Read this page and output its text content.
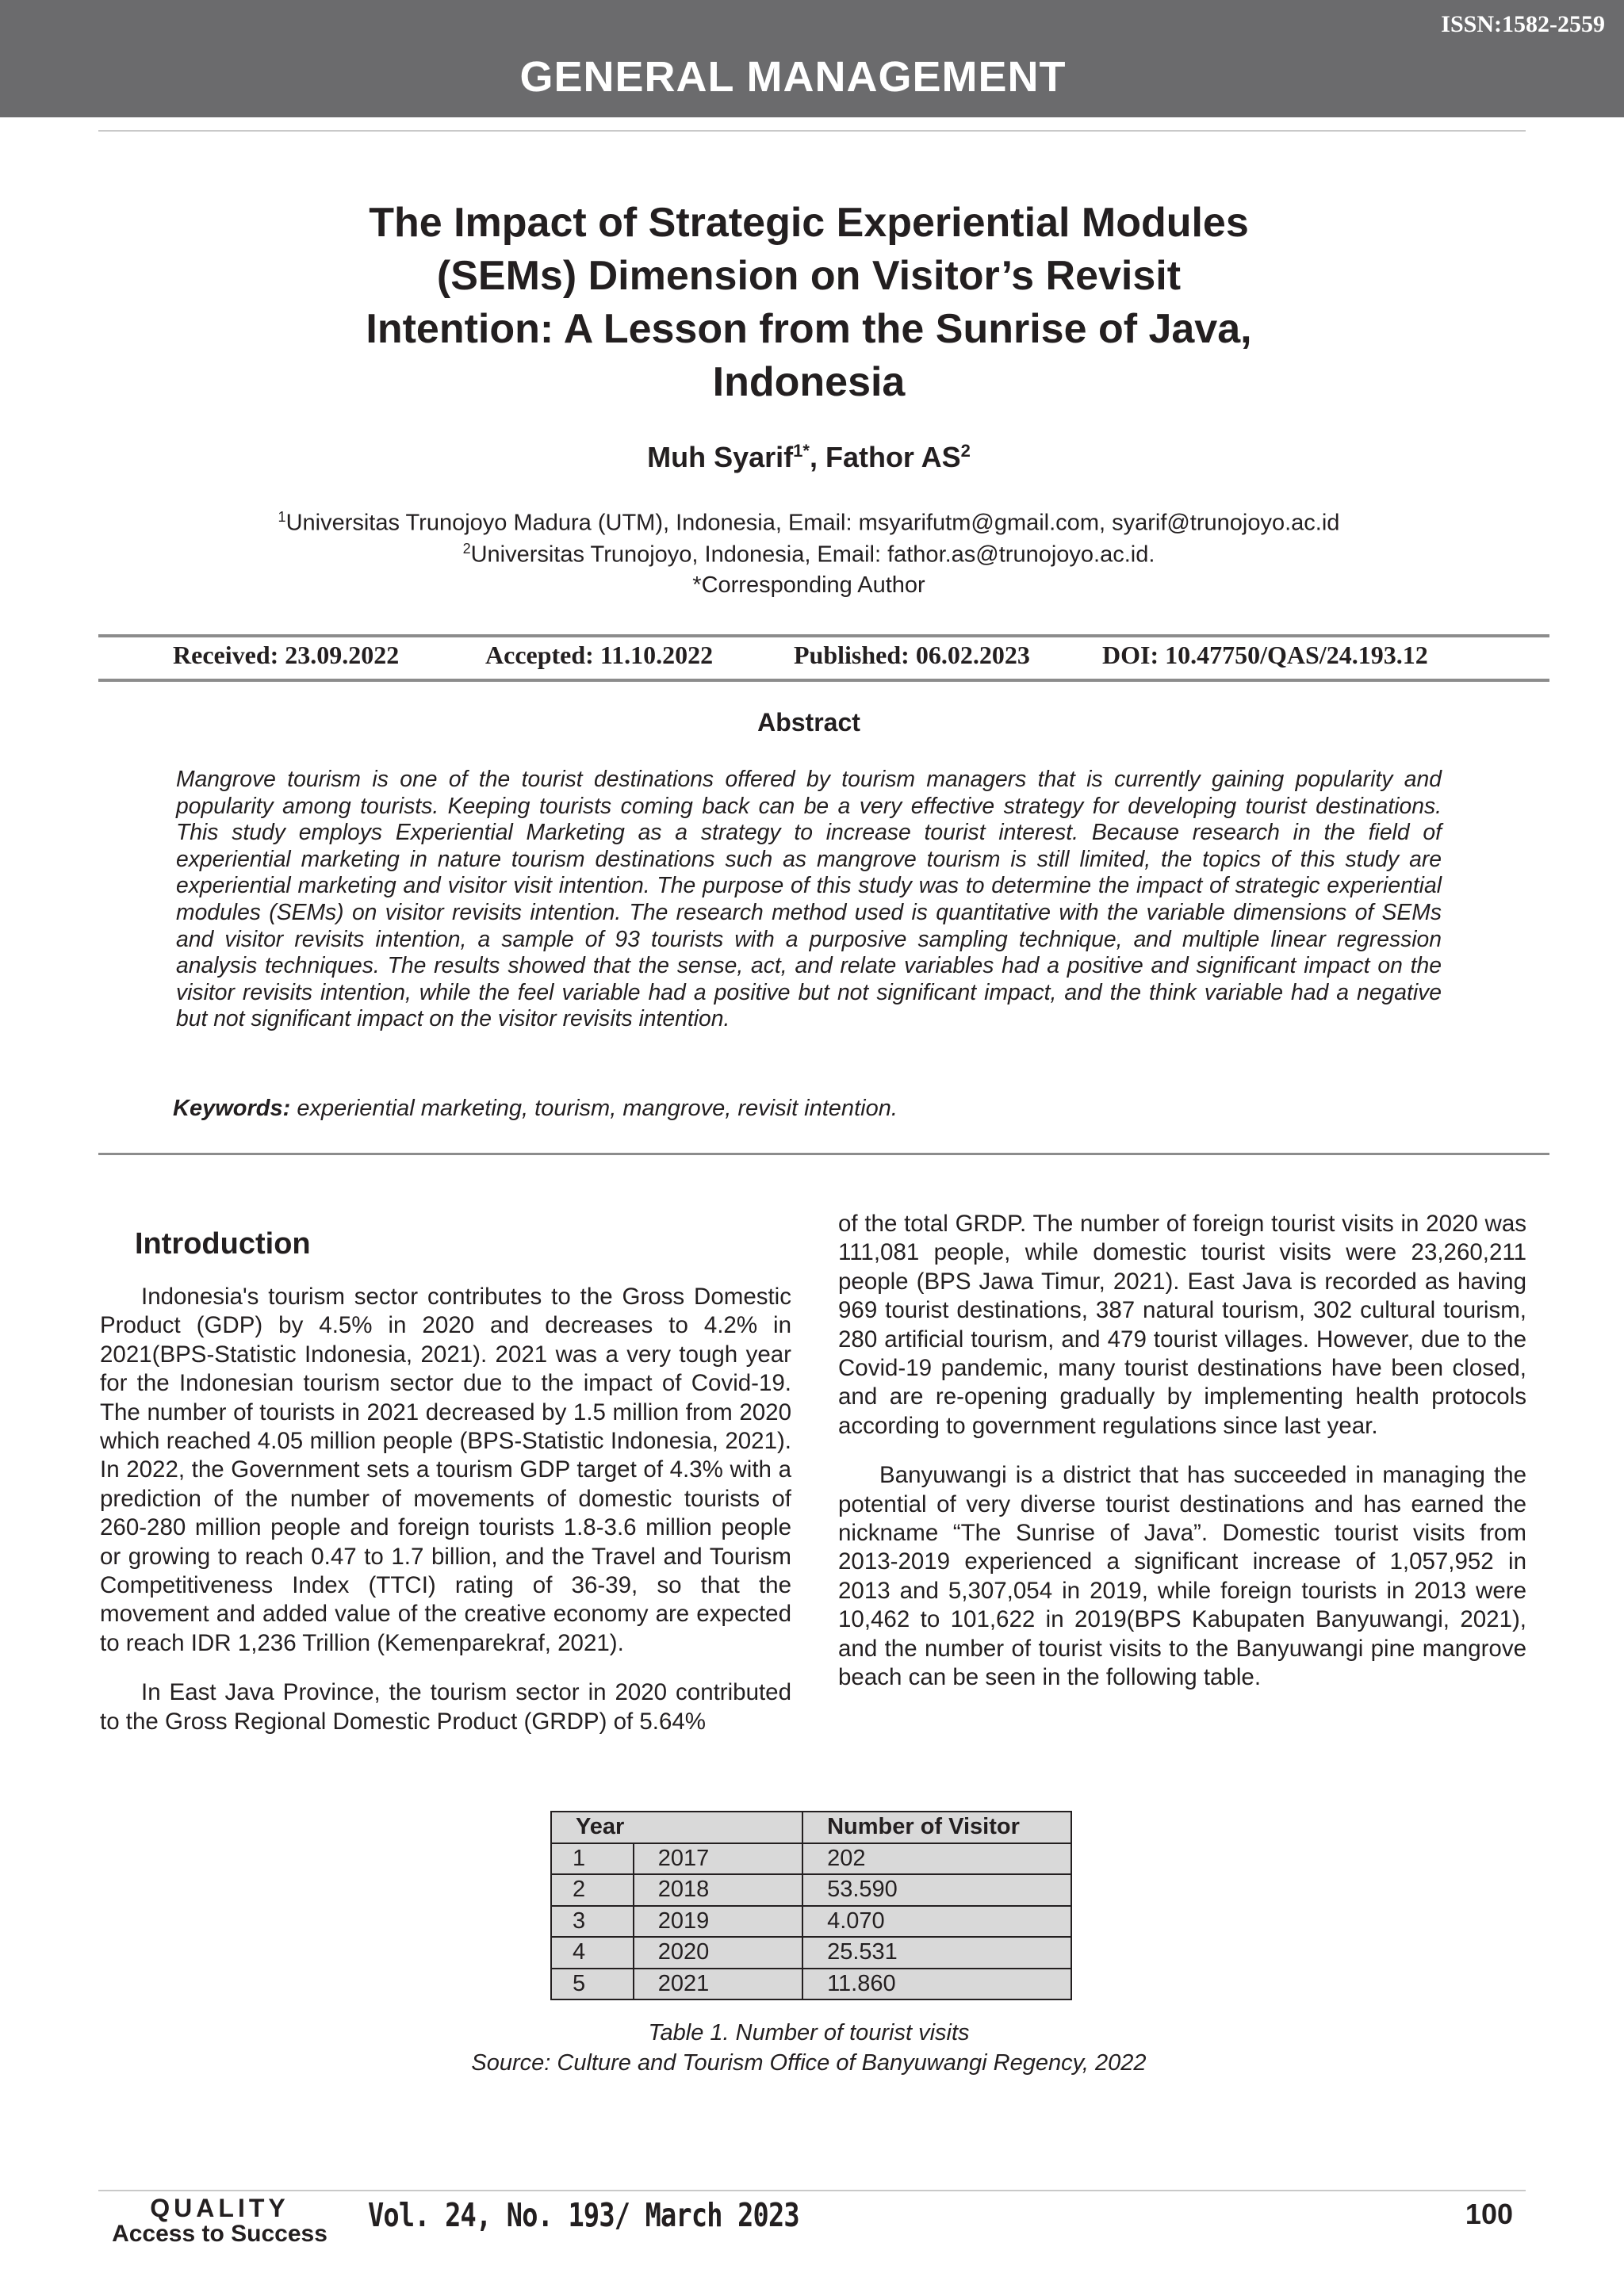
ISSN:1582-2559
GENERAL MANAGEMENT
The Impact of Strategic Experiential Modules (SEMs) Dimension on Visitor’s Revisit Intention: A Lesson from the Sunrise of Java, Indonesia
Muh Syarif$^{1*}$, Fathor $AS^2$
$^1$Universitas Trunojoyo Madura (UTM), Indonesia, Email: msyarifutm@gmail.com, syarif@trunojoyo.ac.id
$^2$Universitas Trunojoyo, Indonesia, Email: fathor.as@trunojoyo.ac.id.
*Corresponding Author
Received: 23.09.2022	Accepted: 11.10.2022	Published: 06.02.2023	DOI: 10.47750/QAS/24.193.12
Abstract

Mangrove tourism is one of the tourist destinations offered by tourism managers that is currently gaining popularity and popularity among tourists. Keeping tourists coming back can be a very effective strategy for developing tourist destinations. This study employs Experiential Marketing as a strategy to increase tourist interest. Because research in the field of experiential marketing in nature tourism destinations such as mangrove tourism is still limited, the topics of this study are experiential marketing and visitor visit intention. The purpose of this study was to determine the impact of strategic experiential modules (SEMs) on visitor revisits intention. The research method used is quantitative with the variable dimensions of SEMs and visitor revisits intention, a sample of 93 tourists with a purposive sampling technique, and multiple linear regression analysis techniques. The results showed that the sense, act, and relate variables had a positive and significant impact on the visitor revisits intention, while the feel variable had a positive but not significant impact, and the think variable had a negative but not significant impact on the visitor revisits intention.

Keywords: experiential marketing, tourism, mangrove, revisit intention.
Introduction

Indonesia's tourism sector contributes to the Gross Domestic Product (GDP) by 4.5% in 2020 and decreases to 4.2% in 2021(BPS-Statistic Indonesia, 2021). 2021 was a very tough year for the Indonesian tourism sector due to the impact of Covid-19. The number of tourists in 2021 decreased by 1.5 million from 2020 which reached 4.05 million people (BPS-Statistic Indonesia, 2021). In 2022, the Government sets a tourism GDP target of 4.3% with a prediction of the number of movements of domestic tourists of 260-280 million people and foreign tourists 1.8-3.6 million people or growing to reach 0.47 to 1.7 billion, and the Travel and Tourism Competitiveness Index (TTCI) rating of 36-39, so that the movement and added value of the creative economy are expected to reach IDR 1,236 Trillion (Kemenparekraf, 2021).

In East Java Province, the tourism sector in 2020 contributed to the Gross Regional Domestic Product (GRDP) of 5.64%

of the total GRDP. The number of foreign tourist visits in 2020 was 111,081 people, while domestic tourist visits were 23,260,211 people (BPS Jawa Timur, 2021). East Java is recorded as having 969 tourist destinations, 387 natural tourism, 302 cultural tourism, 280 artificial tourism, and 479 tourist villages. However, due to the Covid-19 pandemic, many tourist destinations have been closed, and are re-opening gradually by implementing health protocols according to government regulations since last year.

Banyuwangi is a district that has succeeded in managing the potential of very diverse tourist destinations and has earned the nickname “The Sunrise of Java”. Domestic tourist visits from 2013-2019 experienced a significant increase of 1,057,952 in 2013 and 5,307,054 in 2019, while foreign tourists in 2013 were 10,462 to 101,622 in 2019(BPS Kabupaten Banyuwangi, 2021), and the number of tourist visits to the Banyuwangi pine mangrove beach can be seen in the following table.

Year		Number of Visitor
1	2017	202
2	2018	53.590
3	2019	4.070
4	2020	25.531
5	2021	11.860
Table 1. Number of tourist visits
Source: Culture and Tourism Office of Banyuwangi Regency, 2022
QUALITY
Access to Success Vol. 24, No. 193/ March 2023	100
